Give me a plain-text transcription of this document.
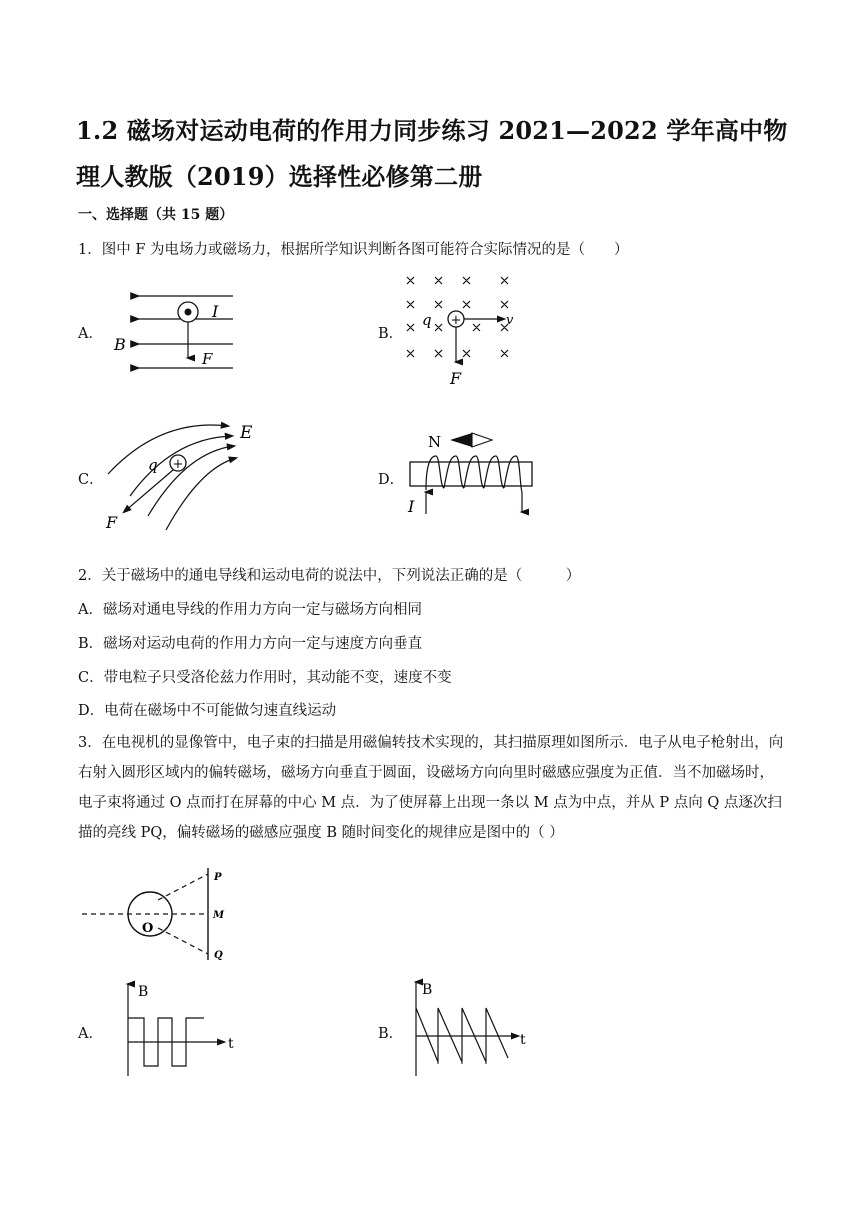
1.2 磁场对运动电荷的作用力同步练习 2021—2022 学年高中物理人教版（2019）选择性必修第二册
一、选择题（共 15 题）
1．图中 F 为电场力或磁场力，根据所学知识判断各图可能符合实际情况的是（　　）
A．
I
B
F
B．
+
q	v
F
C．
+
E
q
F
D．
N
I
2．关于磁场中的通电导线和运动电荷的说法中，下列说法正确的是（　　　）
A．磁场对通电导线的作用力方向一定与磁场方向相同
B．磁场对运动电荷的作用力方向一定与速度方向垂直
C．带电粒子只受洛伦兹力作用时，其动能不变，速度不变
D．电荷在磁场中不可能做匀速直线运动
3．在电视机的显像管中，电子束的扫描是用磁偏转技术实现的，其扫描原理如图所示．电子从电子枪射出，向右射入圆形区域内的偏转磁场，磁场方向垂直于圆面，设磁场方向向里时磁感应强度为正值．当不加磁场时，电子束将通过 O 点而打在屏幕的中心 M 点．为了使屏幕上出现一条以 M 点为中点，并从 P 点向 Q 点逐次扫描的亮线 PQ，偏转磁场的磁感应强度 B 随时间变化的规律应是图中的（ ）
O
P
M
Q
A．
B
t
B．
B
t
